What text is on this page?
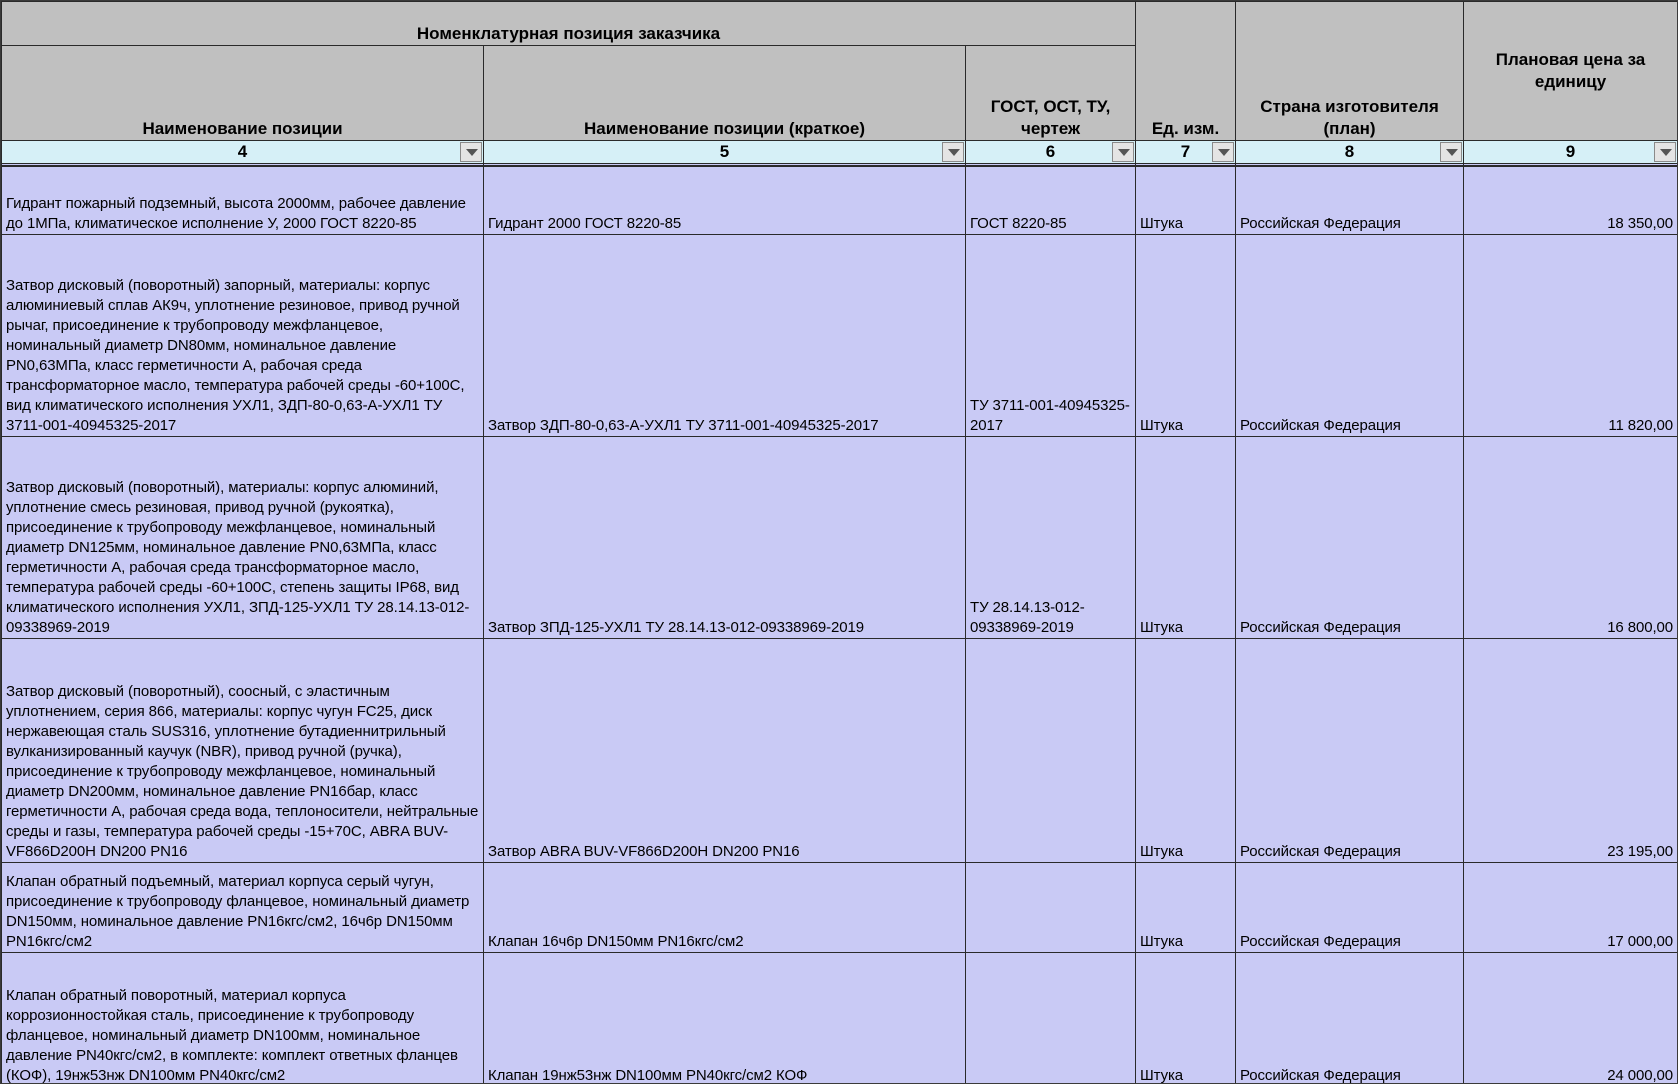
Номенклатурная позиция заказчика			Ед. изм.	Страна изготовителя (план)	Плановая цена за единицу
Наименование позиции	Наименование позиции (краткое)	ГОСТ, ОСТ, ТУ, чертеж			
4	5	6	7	8	9

Гидрант пожарный подземный, высота 2000мм, рабочее давление до 1МПа, климатическое исполнение У, 2000 ГОСТ 8220-85	Гидрант 2000 ГОСТ 8220-85	ГОСТ 8220-85	Штука	Российская Федерация	18 350,00
Затвор дисковый (поворотный) запорный, материалы: корпус алюминиевый сплав АК9ч, уплотнение резиновое, привод ручной рычаг, присоединение к трубопроводу межфланцевое, номинальный диаметр DN80мм, номинальное давление PN0,63МПа, класс герметичности А, рабочая среда трансформаторное масло, температура рабочей среды -60+100С, вид климатического исполнения УХЛ1, ЗДП-80-0,63-А-УХЛ1 ТУ 3711-001-40945325-2017	Затвор ЗДП-80-0,63-А-УХЛ1 ТУ 3711-001-40945325-2017	ТУ 3711-001-40945325-2017	Штука	Российская Федерация	11 820,00
Затвор дисковый (поворотный), материалы: корпус алюминий, уплотнение смесь резиновая, привод ручной (рукоятка), присоединение к трубопроводу межфланцевое, номинальный диаметр DN125мм, номинальное давление PN0,63МПа, класс герметичности А, рабочая среда трансформаторное масло, температура рабочей среды -60+100С, степень защиты IP68, вид климатического исполнения УХЛ1, ЗПД-125-УХЛ1 ТУ 28.14.13-012-09338969-2019	Затвор ЗПД-125-УХЛ1 ТУ 28.14.13-012-09338969-2019	ТУ 28.14.13-012-09338969-2019	Штука	Российская Федерация	16 800,00
Затвор дисковый (поворотный), соосный, с эластичным уплотнением, серия 866, материалы: корпус чугун FC25, диск нержавеющая сталь SUS316, уплотнение бутадиеннитрильный вулканизированный каучук (NBR), привод ручной (ручка), присоединение к трубопроводу межфланцевое, номинальный диаметр DN200мм, номинальное давление PN16бар, класс герметичности А, рабочая среда вода, теплоносители, нейтральные среды и газы, температура рабочей среды -15+70С, ABRA BUV-VF866D200H DN200 PN16	Затвор ABRA BUV-VF866D200H DN200 PN16		Штука	Российская Федерация	23 195,00
Клапан обратный подъемный, материал корпуса серый чугун, присоединение к трубопроводу фланцевое, номинальный диаметр DN150мм, номинальное давление PN16кгс/см2, 16ч6р DN150мм PN16кгс/см2	Клапан 16ч6р DN150мм PN16кгс/см2		Штука	Российская Федерация	17 000,00
Клапан обратный поворотный, материал корпуса коррозионностойкая сталь, присоединение к трубопроводу фланцевое, номинальный диаметр DN100мм, номинальное давление PN40кгс/см2, в комплекте: комплект ответных фланцев (КОФ), 19нж53нж DN100мм PN40кгс/см2	Клапан 19нж53нж DN100мм PN40кгс/см2 КОФ		Штука	Российская Федерация	24 000,00
